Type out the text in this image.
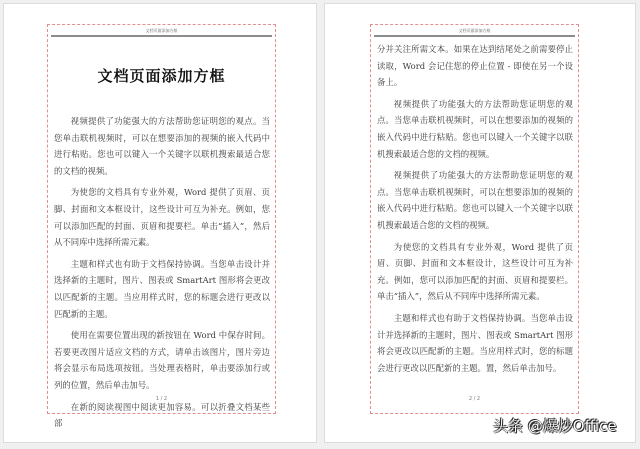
文档页面添加方框
文档页面添加方框

视频提供了功能强大的方法帮助您证明您的观点。当您单击联机视频时，可以在想要添加的视频的嵌入代码中进行粘贴。您也可以键入一个关键字以联机搜索最适合您的文档的视频。

为使您的文档具有专业外观，Word 提供了页眉、页脚、封面和文本框设计，这些设计可互为补充。例如，您可以添加匹配的封面、页眉和提要栏。单击“插入”，然后从不同库中选择所需元素。

主题和样式也有助于文档保持协调。当您单击设计并选择新的主题时，图片、图表或 SmartArt 图形将会更改以匹配新的主题。当应用样式时，您的标题会进行更改以匹配新的主题。

使用在需要位置出现的新按钮在 Word 中保存时间。若要更改图片适应文档的方式，请单击该图片，图片旁边将会显示布局选项按钮。当处理表格时，单击要添加行或列的位置，然后单击加号。

在新的阅读视图中阅读更加容易。可以折叠文档某些部

1 / 2
文档页面添加方框

分并关注所需文本。如果在达到结尾处之前需要停止读取，Word 会记住您的停止位置 - 即使在另一个设备上。

视频提供了功能强大的方法帮助您证明您的观点。当您单击联机视频时，可以在想要添加的视频的嵌入代码中进行粘贴。您也可以键入一个关键字以联机搜索最适合您的文档的视频。

视频提供了功能强大的方法帮助您证明您的观点。当您单击联机视频时，可以在想要添加的视频的嵌入代码中进行粘贴。您也可以键入一个关键字以联机搜索最适合您的文档的视频。

为使您的文档具有专业外观，Word 提供了页眉、页脚、封面和文本框设计，这些设计可互为补充。例如，您可以添加匹配的封面、页眉和提要栏。单击“插入”，然后从不同库中选择所需元素。

主题和样式也有助于文档保持协调。当您单击设计并选择新的主题时，图片、图表或 SmartArt 图形将会更改以匹配新的主题。当应用样式时，您的标题会进行更改以匹配新的主题。置，然后单击加号。

2 / 2
头条 @爆炒Office
